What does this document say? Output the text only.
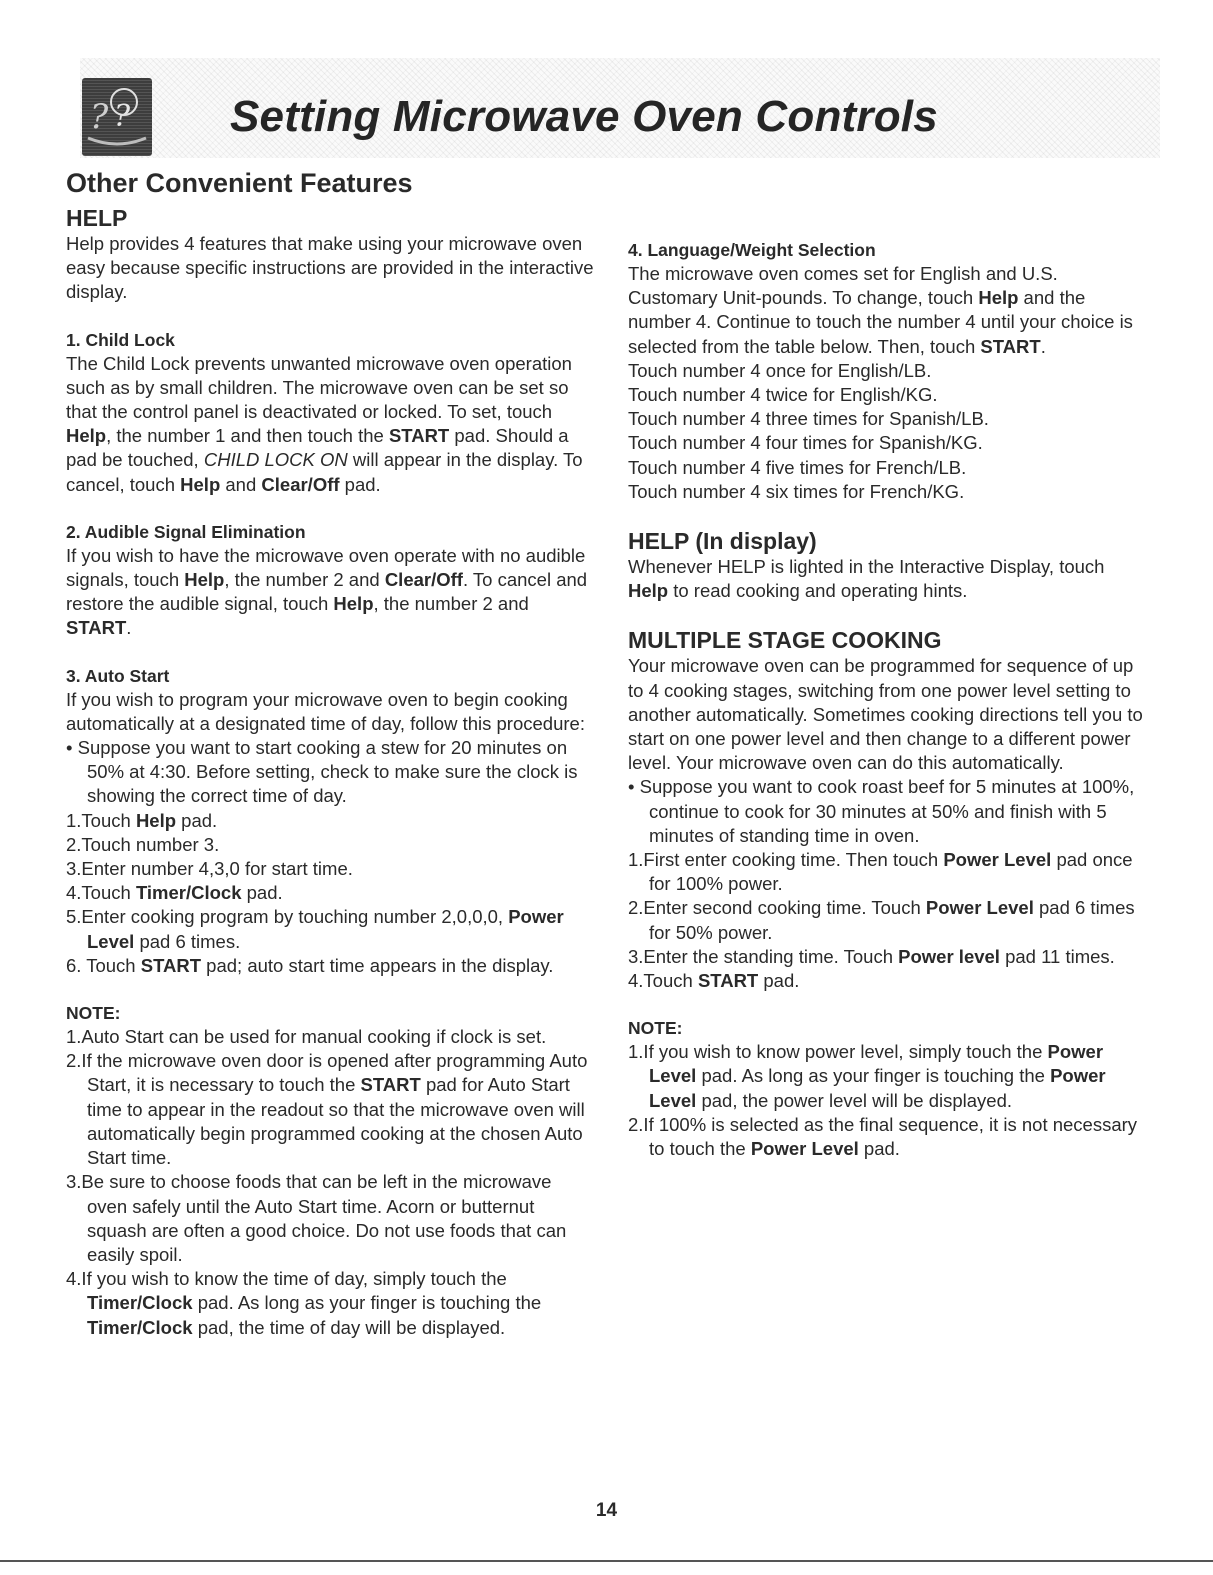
? ? Setting Microwave Oven Controls
Other Convenient Features
HELP

Help provides 4 features that make using your microwave oven easy because specific instructions are provided in the interactive display.

1. Child Lock

The Child Lock prevents unwanted microwave oven operation such as by small children. The microwave oven can be set so that the control panel is deactivated or locked. To set, touch Help, the number 1 and then touch the START pad. Should a pad be touched, CHILD LOCK ON will appear in the display. To cancel, touch Help and Clear/Off pad.

2. Audible Signal Elimination

If you wish to have the microwave oven operate with no audible signals, touch Help, the number 2 and Clear/Off. To cancel and restore the audible signal, touch Help, the number 2 and START.

3. Auto Start

If you wish to program your microwave oven to begin cooking automatically at a designated time of day, follow this procedure:

• Suppose you want to start cooking a stew for 20 minutes on 50% at 4:30. Before setting, check to make sure the clock is showing the correct time of day.

1.Touch Help pad.

2.Touch number 3.

3.Enter number 4,3,0 for start time.

4.Touch Timer/Clock pad.

5.Enter cooking program by touching number 2,0,0,0, Power Level pad 6 times.

6. Touch START pad; auto start time appears in the display.

NOTE:

1.Auto Start can be used for manual cooking if clock is set.

2.If the microwave oven door is opened after programming Auto Start, it is necessary to touch the START pad for Auto Start time to appear in the readout so that the microwave oven will automatically begin programmed cooking at the chosen Auto Start time.

3.Be sure to choose foods that can be left in the microwave oven safely until the Auto Start time. Acorn or butternut squash are often a good choice. Do not use foods that can easily spoil.

4.If you wish to know the time of day, simply touch the Timer/Clock pad. As long as your finger is touching the Timer/Clock pad, the time of day will be displayed.

4. Language/Weight Selection

The microwave oven comes set for English and U.S. Customary Unit-pounds. To change, touch Help and the number 4. Continue to touch the number 4 until your choice is selected from the table below. Then, touch START.

Touch number 4 once for English/LB.

Touch number 4 twice for English/KG.

Touch number 4 three times for Spanish/LB.

Touch number 4 four times for Spanish/KG.

Touch number 4 five times for French/LB.

Touch number 4 six times for French/KG.

HELP (In display)

Whenever HELP is lighted in the Interactive Display, touch Help to read cooking and operating hints.

MULTIPLE STAGE COOKING

Your microwave oven can be programmed for sequence of up to 4 cooking stages, switching from one power level setting to another automatically. Sometimes cooking directions tell you to start on one power level and then change to a different power level. Your microwave oven can do this automatically.

• Suppose you want to cook roast beef for 5 minutes at 100%, continue to cook for 30 minutes at 50% and finish with 5 minutes of standing time in oven.

1.First enter cooking time. Then touch Power Level pad once for 100% power.

2.Enter second cooking time. Touch Power Level pad 6 times for 50% power.

3.Enter the standing time. Touch Power level pad 11 times.

4.Touch START pad.

NOTE:

1.If you wish to know power level, simply touch the Power Level pad. As long as your finger is touching the Power Level pad, the power level will be displayed.

2.If 100% is selected as the final sequence, it is not necessary to touch the Power Level pad.

14
